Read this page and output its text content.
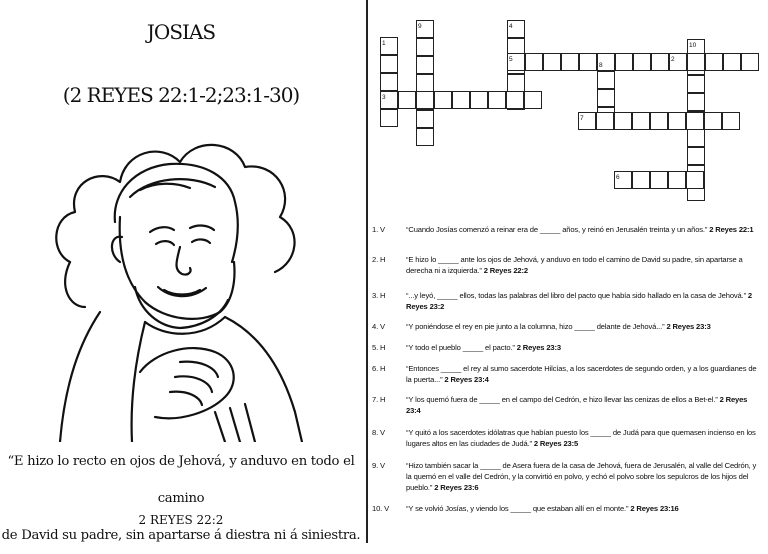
JOSIAS
(2 REYES 22:1-2;23:1-30)
“E hizo lo recto en ojos de Jehová, y anduvo en todo el camino
de David su padre, sin apartarse á diestra ni á siniestra.
2 REYES 22:2
1
9	4
10
5
8
2
3
7
6
1. V	“Cuando Josías comenzó a reinar era de _____ años, y reinó en Jerusalén treinta y un años.” 2 Reyes 22:1
2. H	“E hizo lo _____ ante los ojos de Jehová, y anduvo en todo el camino de David su padre, sin apartarse a derecha ni a izquierda.” 2 Reyes 22:2
3. H	“...y leyó, _____ ellos, todas las palabras del libro del pacto que había sido hallado en la casa de Jehová.” 2 Reyes 23:2
4. V	“Y poniéndose el rey en pie junto a la columna, hizo _____ delante de Jehová...” 2 Reyes 23:3
5. H	“Y todo el pueblo _____ el pacto.” 2 Reyes 23:3
6. H	“Entonces _____ el rey al sumo sacerdote Hilcías, a los sacerdotes de segundo orden, y a los guardianes de la puerta...” 2 Reyes 23:4
7. H	“Y los quemó fuera de _____ en el campo del Cedrón, e hizo llevar las cenizas de ellos a Bet-el.” 2 Reyes 23:4
8. V	“Y quitó a los sacerdotes idólatras que habían puesto los _____ de Judá para que quemasen incienso en los lugares altos en las ciudades de Judá.” 2 Reyes 23:5
9. V	“Hizo también sacar la _____ de Asera fuera de la casa de Jehová, fuera de Jerusalén, al valle del Cedrón, y la quemó en el valle del Cedrón, y la convirtió en polvo, y echó el polvo sobre los sepulcros de los hijos del pueblo.” 2 Reyes 23:6
10. V	“Y se volvió Josías, y viendo los _____ que estaban allí en el monte.” 2 Reyes 23:16
